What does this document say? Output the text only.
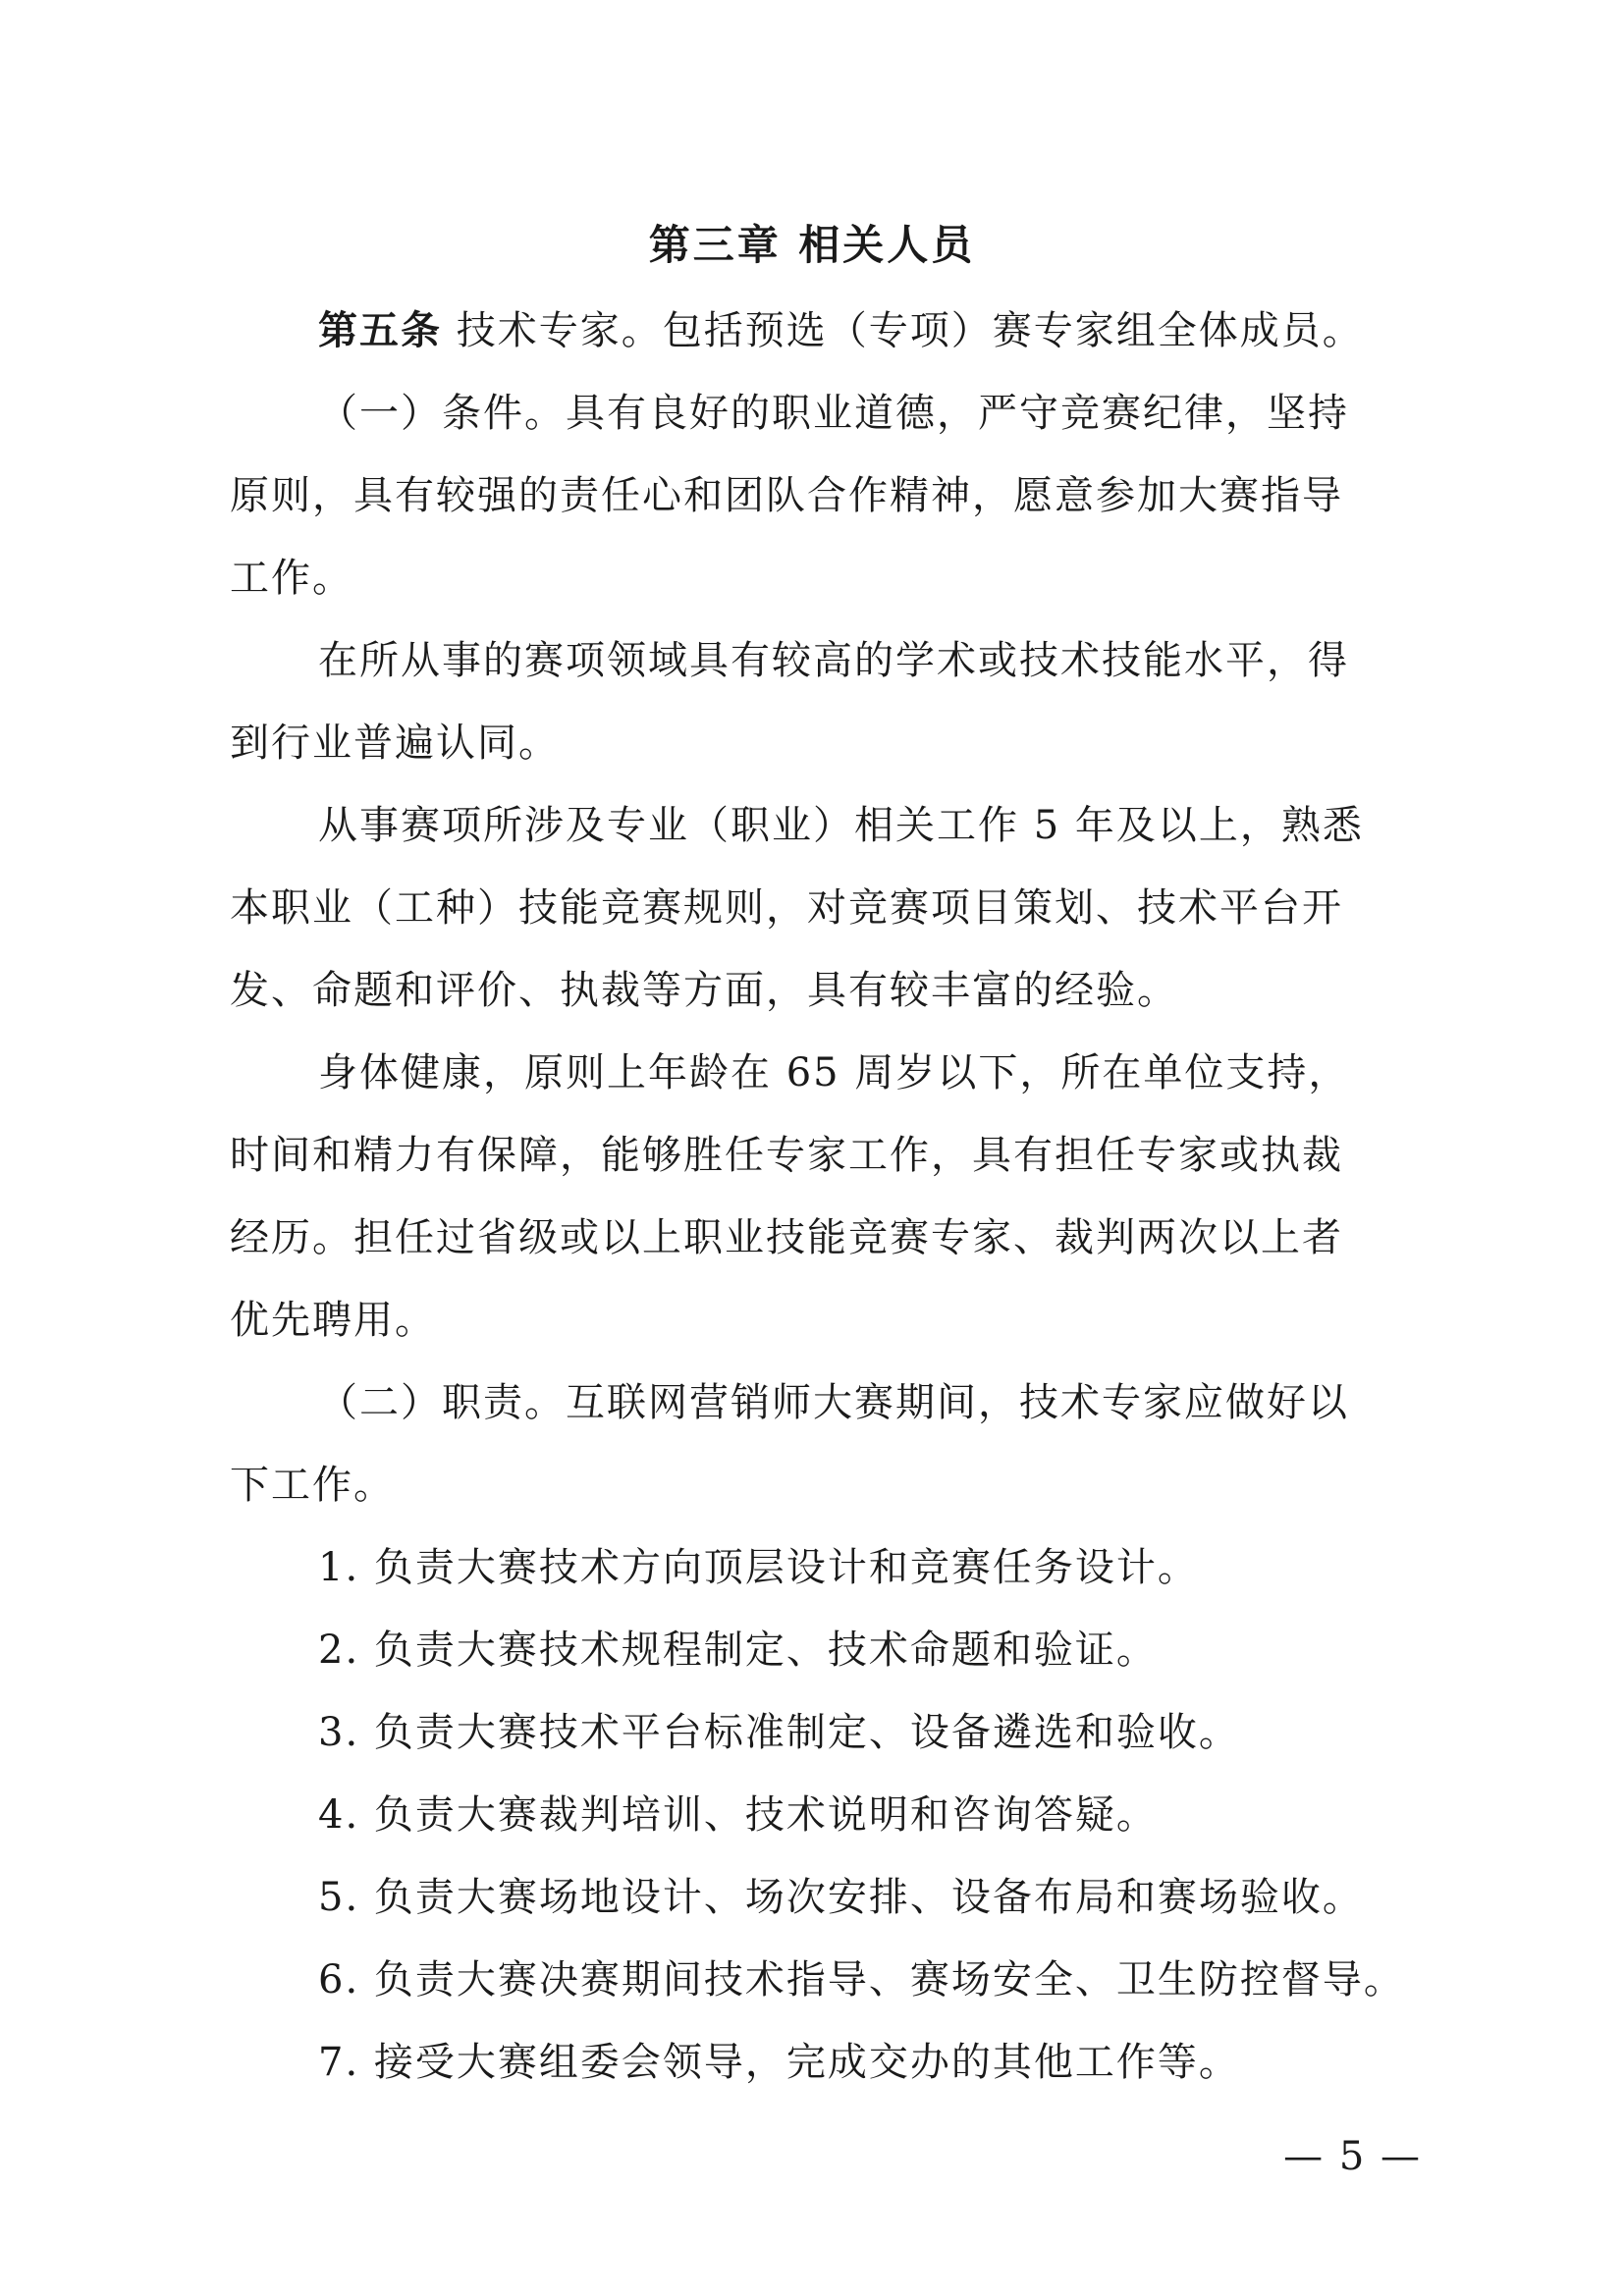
第三章 相关人员
第五条 技术专家。包括预选（专项）赛专家组全体成员。
（一）条件。具有良好的职业道德，严守竞赛纪律，坚持
原则，具有较强的责任心和团队合作精神，愿意参加大赛指导
工作。
在所从事的赛项领域具有较高的学术或技术技能水平，得
到行业普遍认同。
从事赛项所涉及专业（职业）相关工作 5 年及以上，熟悉
本职业（工种）技能竞赛规则，对竞赛项目策划、技术平台开
发、命题和评价、执裁等方面，具有较丰富的经验。
身体健康，原则上年龄在 65 周岁以下，所在单位支持，
时间和精力有保障，能够胜任专家工作，具有担任专家或执裁
经历。担任过省级或以上职业技能竞赛专家、裁判两次以上者
优先聘用。
（二）职责。互联网营销师大赛期间，技术专家应做好以
下工作。
1. 负责大赛技术方向顶层设计和竞赛任务设计。
2. 负责大赛技术规程制定、技术命题和验证。
3. 负责大赛技术平台标准制定、设备遴选和验收。
4. 负责大赛裁判培训、技术说明和咨询答疑。
5. 负责大赛场地设计、场次安排、设备布局和赛场验收。
6. 负责大赛决赛期间技术指导、赛场安全、卫生防控督导。
7. 接受大赛组委会领导，完成交办的其他工作等。
— 5 —
